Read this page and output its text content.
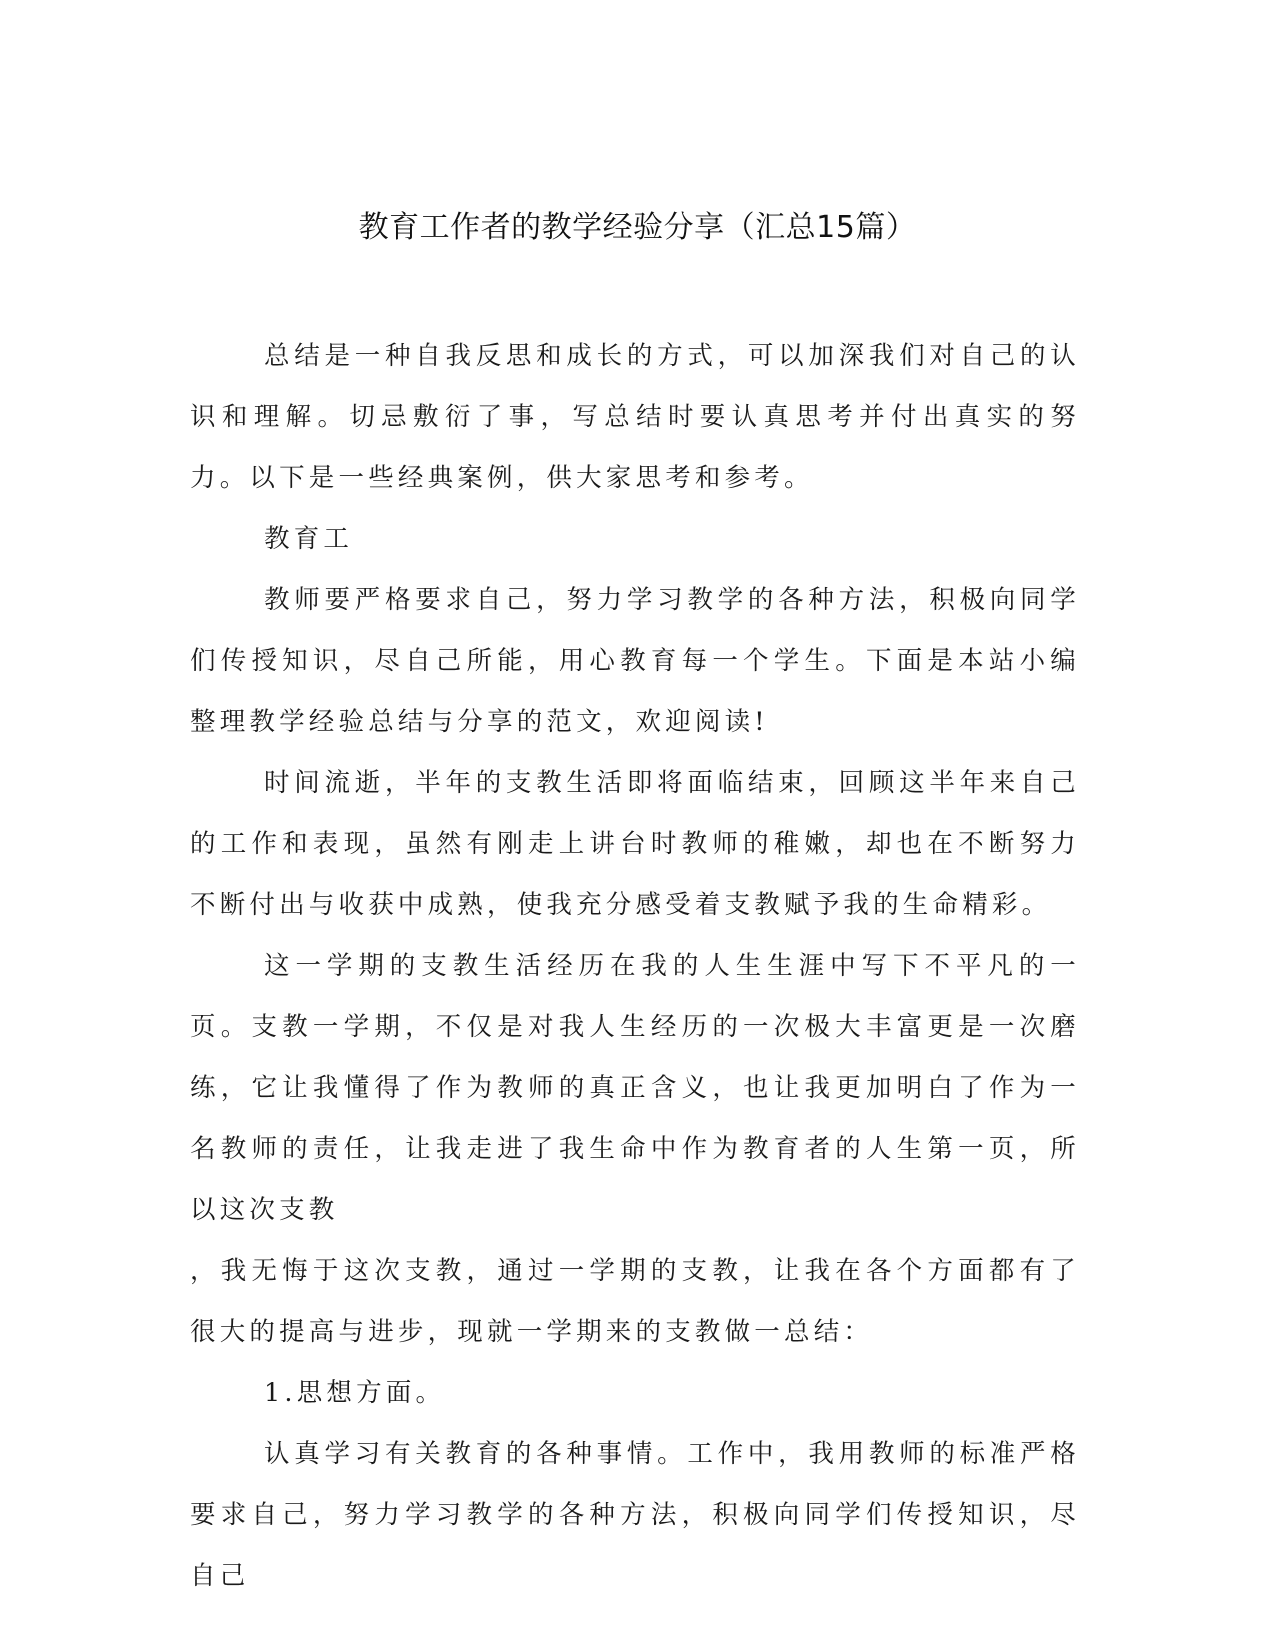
教育工作者的教学经验分享（汇总15篇）

总结是一种自我反思和成长的方式，可以加深我们对自己的认识和理解。切忌敷衍了事，写总结时要认真思考并付出真实的努力。以下是一些经典案例，供大家思考和参考。

教育工

教师要严格要求自己，努力学习教学的各种方法，积极向同学们传授知识，尽自己所能，用心教育每一个学生。下面是本站小编整理教学经验总结与分享的范文，欢迎阅读!

时间流逝，半年的支教生活即将面临结束，回顾这半年来自己的工作和表现，虽然有刚走上讲台时教师的稚嫩，却也在不断努力不断付出与收获中成熟，使我充分感受着支教赋予我的生命精彩。

这一学期的支教生活经历在我的人生生涯中写下不平凡的一页。支教一学期，不仅是对我人生经历的一次极大丰富更是一次磨练，它让我懂得了作为教师的真正含义，也让我更加明白了作为一名教师的责任，让我走进了我生命中作为教育者的人生第一页，所以这次支教

，我无悔于这次支教，通过一学期的支教，让我在各个方面都有了很大的提高与进步，现就一学期来的支教做一总结：

1.思想方面。

认真学习有关教育的各种事情。工作中，我用教师的标准严格要求自己，努力学习教学的各种方法，积极向同学们传授知识，尽自己
